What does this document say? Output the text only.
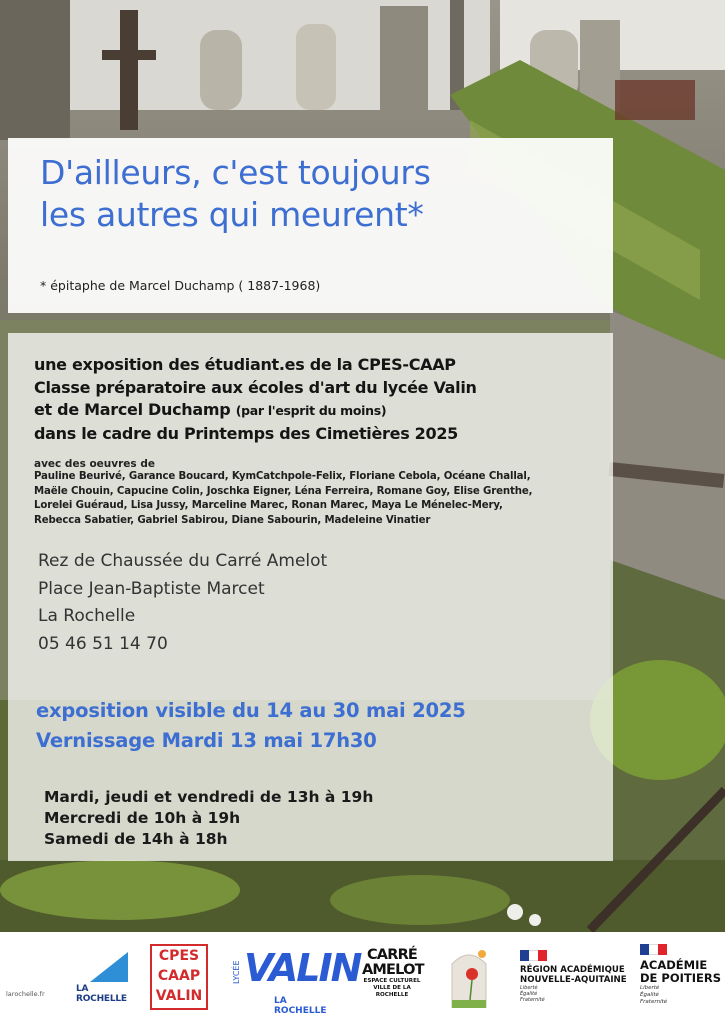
D'ailleurs, c'est toujours
les autres qui meurent*
* épitaphe de Marcel Duchamp ( 1887-1968)
une exposition des étudiant.es de la CPES-CAAP
Classe préparatoire aux écoles d'art du lycée Valin
et de Marcel Duchamp (par l'esprit du moins)
dans le cadre du Printemps des Cimetières 2025
avec des oeuvres de
Pauline Beurivé, Garance Boucard, KymCatchpole-Felix, Floriane Cebola, Océane Challal,
Maële Chouin, Capucine Colin, Joschka Eigner, Léna Ferreira, Romane Goy, Elise Grenthe,
Lorelei Guéraud, Lisa Jussy, Marceline Marec, Ronan Marec, Maya Le Ménelec-Mery,
Rebecca Sabatier, Gabriel Sabirou, Diane Sabourin, Madeleine Vinatier
Rez de Chaussée du Carré Amelot
Place Jean-Baptiste Marcet
La Rochelle
05 46 51 14 70
exposition visible du 14 au 30 mai 2025
Vernissage Mardi 13 mai 17h30
Mardi, jeudi et vendredi de 13h à 19h
Mercredi de 10h à 19h
Samedi de 14h à 18h
larochelle.fr	LA
ROCHELLE
CPES
CAAP
VALIN
LYCÉE VALIN
LA ROCHELLE
CARRÉ
AMELOT
ESPACE CULTUREL
VILLE DE LA ROCHELLE
RÉGION ACADÉMIQUE
NOUVELLE-AQUITAINE
Liberté
Égalité
Fraternité
ACADÉMIE
DE POITIERS
Liberté
Égalité
Fraternité
